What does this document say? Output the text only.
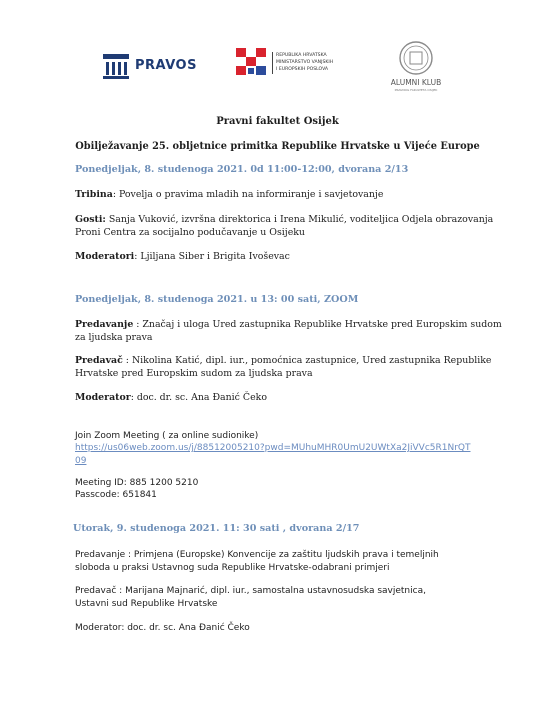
PRAVOS
REPUBLIKA HRVATSKA
MINISTARSTVO VANJSKIH
I EUROPSKIH POSLOVA
ALUMNI KLUB
PRAVNOG FAKULTETA OSIJEK
Pravni fakultet Osijek
Obilježavanje 25. obljetnice primitka Republike Hrvatske u Vijeće Europe
Ponedjeljak, 8. studenoga 2021. 0d 11:00-12:00, dvorana 2/13
Tribina: Povelja o pravima mladih na informiranje i savjetovanje
Gosti: Sanja Vuković, izvršna direktorica i Irena Mikulić, voditeljica Odjela obrazovanja
Proni Centra za socijalno podučavanje u Osijeku
Moderatori: Ljiljana Siber i Brigita Ivoševac
Ponedjeljak, 8. studenoga 2021. u 13: 00 sati, ZOOM
Predavanje : Značaj i uloga Ured zastupnika Republike Hrvatske pred Europskim sudom
za ljudska prava
Predavač : Nikolina Katić, dipl. iur., pomoćnica zastupnice, Ured zastupnika Republike
Hrvatske pred Europskim sudom za ljudska prava
Moderator: doc. dr. sc. Ana Đanić Čeko
Join Zoom Meeting ( za online sudionike)
https://us06web.zoom.us/j/88512005210?pwd=MUhuMHR0UmU2UWtXa2JiVVc5R1NrQT
09
Meeting ID: 885 1200 5210
Passcode: 651841
Utorak, 9. studenoga 2021. 11: 30 sati , dvorana 2/17
Predavanje : Primjena (Europske) Konvencije za zaštitu ljudskih prava i temeljnih
sloboda u praksi Ustavnog suda Republike Hrvatske-odabrani primjeri
Predavač : Marijana Majnarić, dipl. iur., samostalna ustavnosudska savjetnica,
Ustavni sud Republike Hrvatske
Moderator: doc. dr. sc. Ana Đanić Čeko
